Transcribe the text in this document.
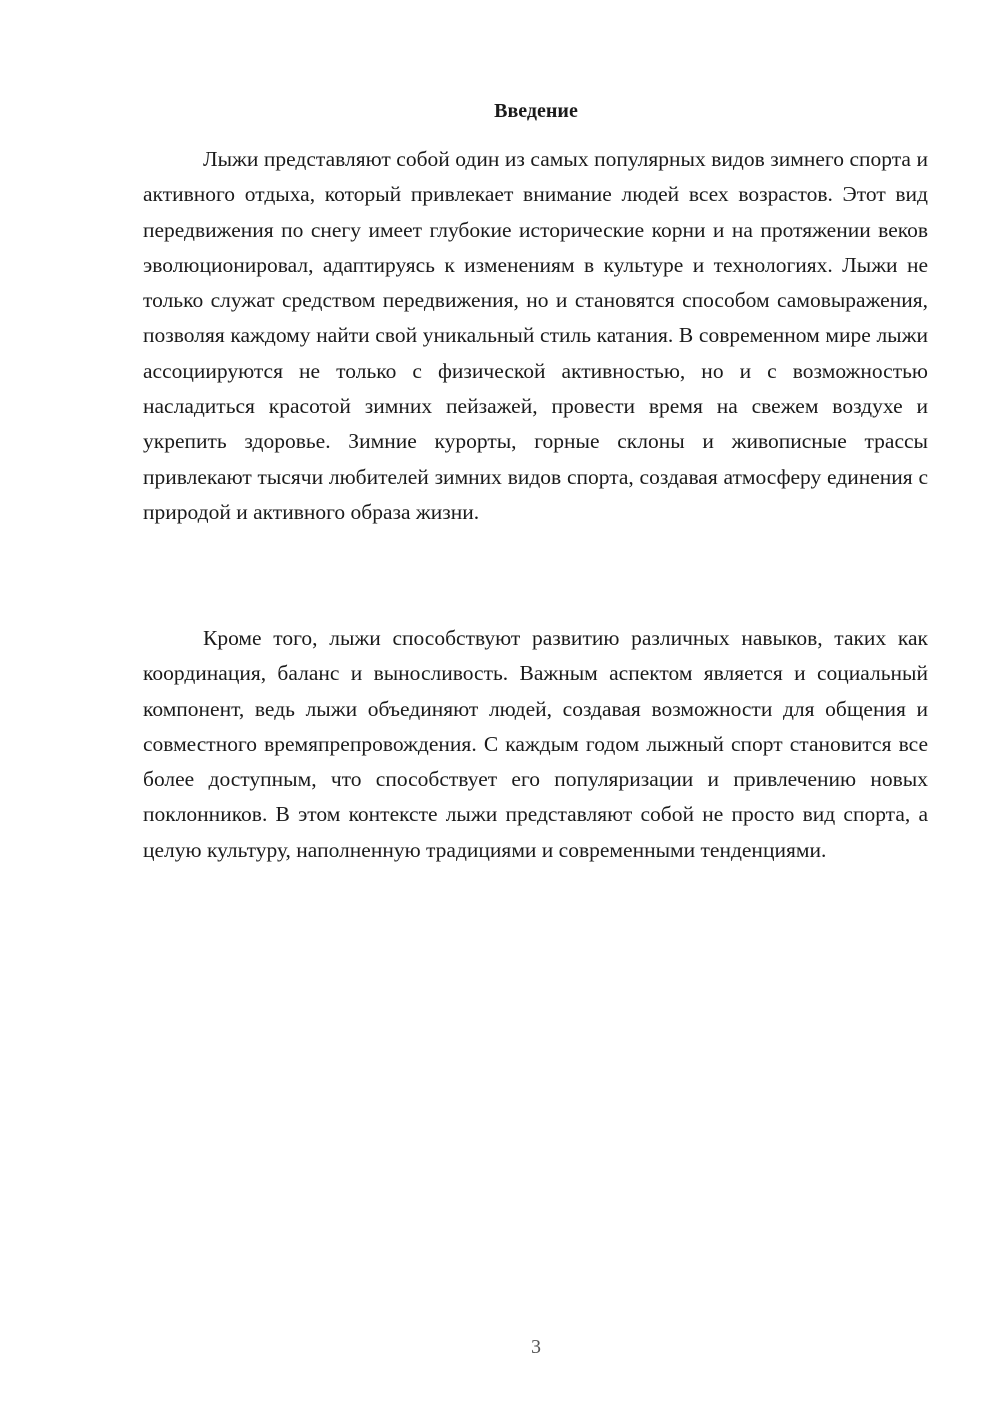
Введение

Лыжи представляют собой один из самых популярных видов зимнего спорта и активного отдыха, который привлекает внимание людей всех возрастов. Этот вид передвижения по снегу имеет глубокие исторические корни и на протяжении веков эволюционировал, адаптируясь к изменениям в культуре и технологиях. Лыжи не только служат средством передвижения, но и становятся способом самовыражения, позволяя каждому найти свой уникальный стиль катания. В современном мире лыжи ассоциируются не только с физической активностью, но и с возможностью насладиться красотой зимних пейзажей, провести время на свежем воздухе и укрепить здоровье. Зимние курорты, горные склоны и живописные трассы привлекают тысячи любителей зимних видов спорта, создавая атмосферу единения с природой и активного образа жизни.

Кроме того, лыжи способствуют развитию различных навыков, таких как координация, баланс и выносливость. Важным аспектом является и социальный компонент, ведь лыжи объединяют людей, создавая возможности для общения и совместного времяпрепровождения. С каждым годом лыжный спорт становится все более доступным, что способствует его популяризации и привлечению новых поклонников. В этом контексте лыжи представляют собой не просто вид спорта, а целую культуру, наполненную традициями и современными тенденциями.

3
